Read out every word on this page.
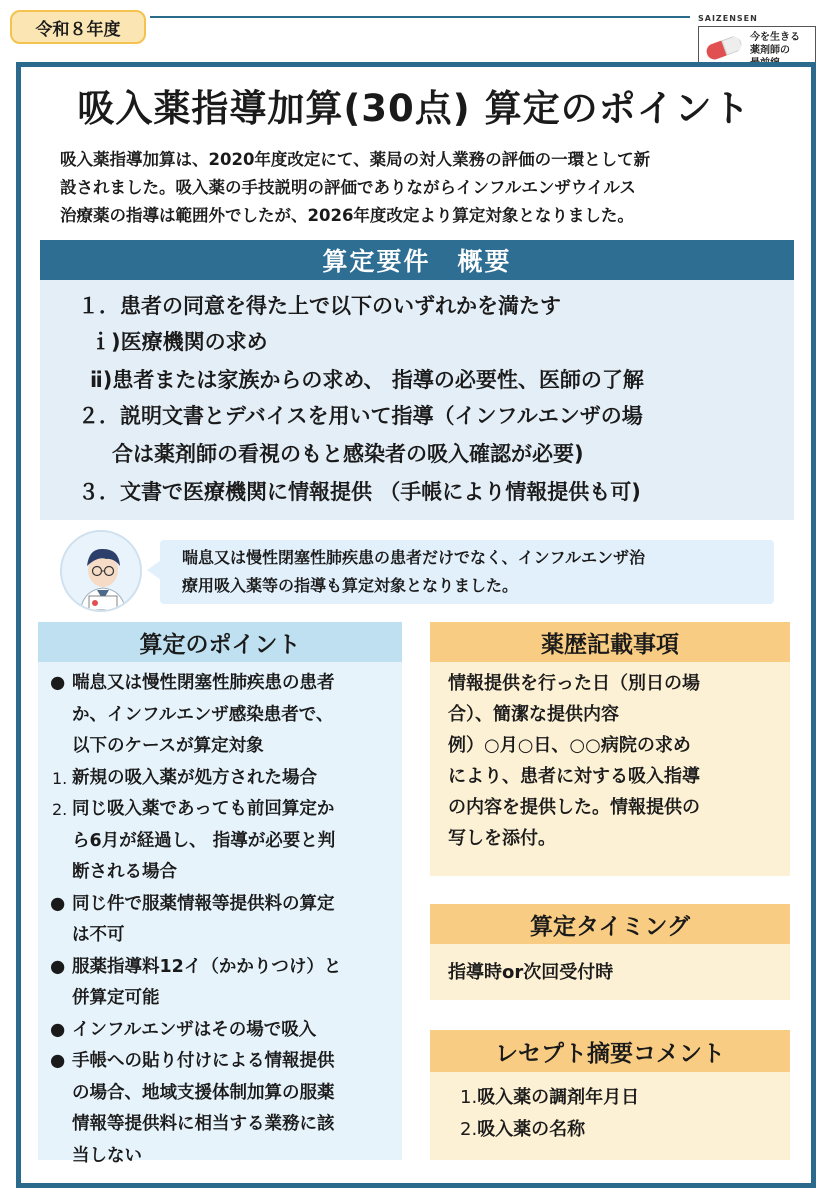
令和８年度
SAIZENSEN
今を生きる
薬剤師の
吸入薬指導加算(30点) 算定のポイント
吸入薬指導加算は、2020年度改定にて、薬局の対人業務の評価の一環として新
設されました。吸入薬の手技説明の評価でありながらインフルエンザウイルス
治療薬の指導は範囲外でしたが、2026年度改定より算定対象となりました。
算定要件　概要
１．患者の同意を得た上で以下のいずれかを満たす
ｉ)医療機関の求め
ⅱ)患者または家族からの求め、 指導の必要性、医師の了解
２．説明文書とデバイスを用いて指導（インフルエンザの場
合は薬剤師の看視のもと感染者の吸入確認が必要)
３．文書で医療機関に情報提供 （手帳により情報提供も可)
喘息又は慢性閉塞性肺疾患の患者だけでなく、インフルエンザ治
療用吸入薬等の指導も算定対象となりました。
算定のポイント
● 喘息又は慢性閉塞性肺疾患の患者
か、インフルエンザ感染患者で、
以下のケースが算定対象
1. 新規の吸入薬が処方された場合
2. 同じ吸入薬であっても前回算定か
ら6月が経過し、 指導が必要と判
断される場合
● 同じ件で服薬情報等提供料の算定
は不可
● 服薬指導料12イ（かかりつけ）と
併算定可能
● インフルエンザはその場で吸入
● 手帳への貼り付けによる情報提供
の場合、地域支援体制加算の服薬
情報等提供料に相当する業務に該
当しない
薬歴記載事項
情報提供を行った日（別日の場
合）、簡潔な提供内容
例）○月○日、○○病院の求め
により、患者に対する吸入指導
の内容を提供した。情報提供の
写しを添付。
算定タイミング
指導時or次回受付時
レセプト摘要コメント
1.吸入薬の調剤年月日
2.吸入薬の名称
